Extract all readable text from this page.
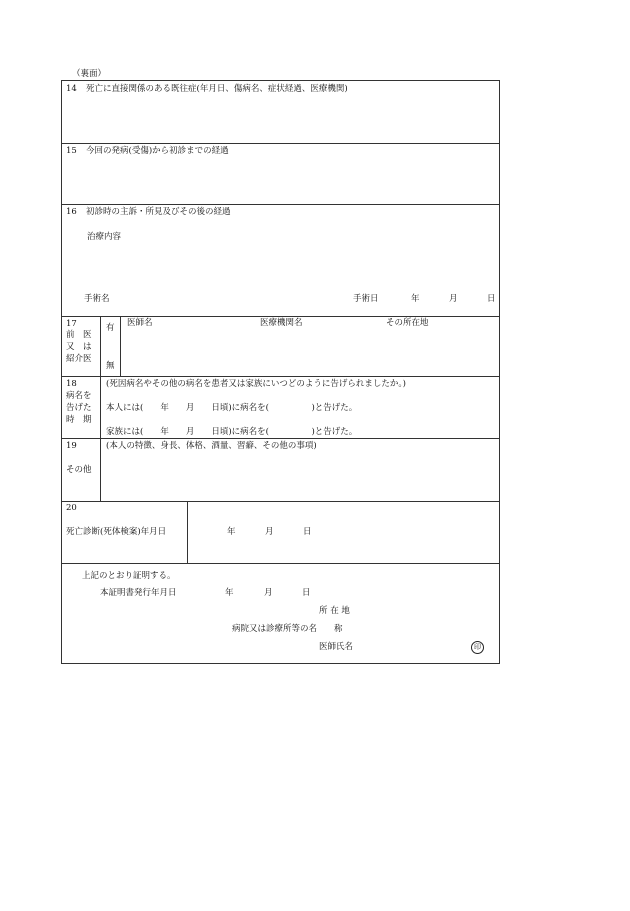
（裏面）
14 死亡に直接関係のある既往症(年月日、傷病名、症状経過、医療機関)
15 今回の発病(受傷)から初診までの経過
16 初診時の主訴・所見及びその後の経過
治療内容
手術名	手術日	年	月	日
17
前　医
又　は
紹介医
有
無
医師名	医療機関名	その所在地
18
病名を
告げた
時　期
(死因病名やその他の病名を患者又は家族にいつどのように告げられましたか。)
本人には(　　年　　月　　日頃)に病名を(　　　　　)と告げた。
家族には(　　年　　月　　日頃)に病名を(　　　　　)と告げた。
19
その他
(本人の特徴、身長、体格、酒量、習癖、その他の事項)
20
死亡診断(死体検案)年月日	年	月	日
上記のとおり証明する。
本証明書発行年月日	年	月	日
所 在 地
病院又は診療所等の名　　称
医師氏名	印
